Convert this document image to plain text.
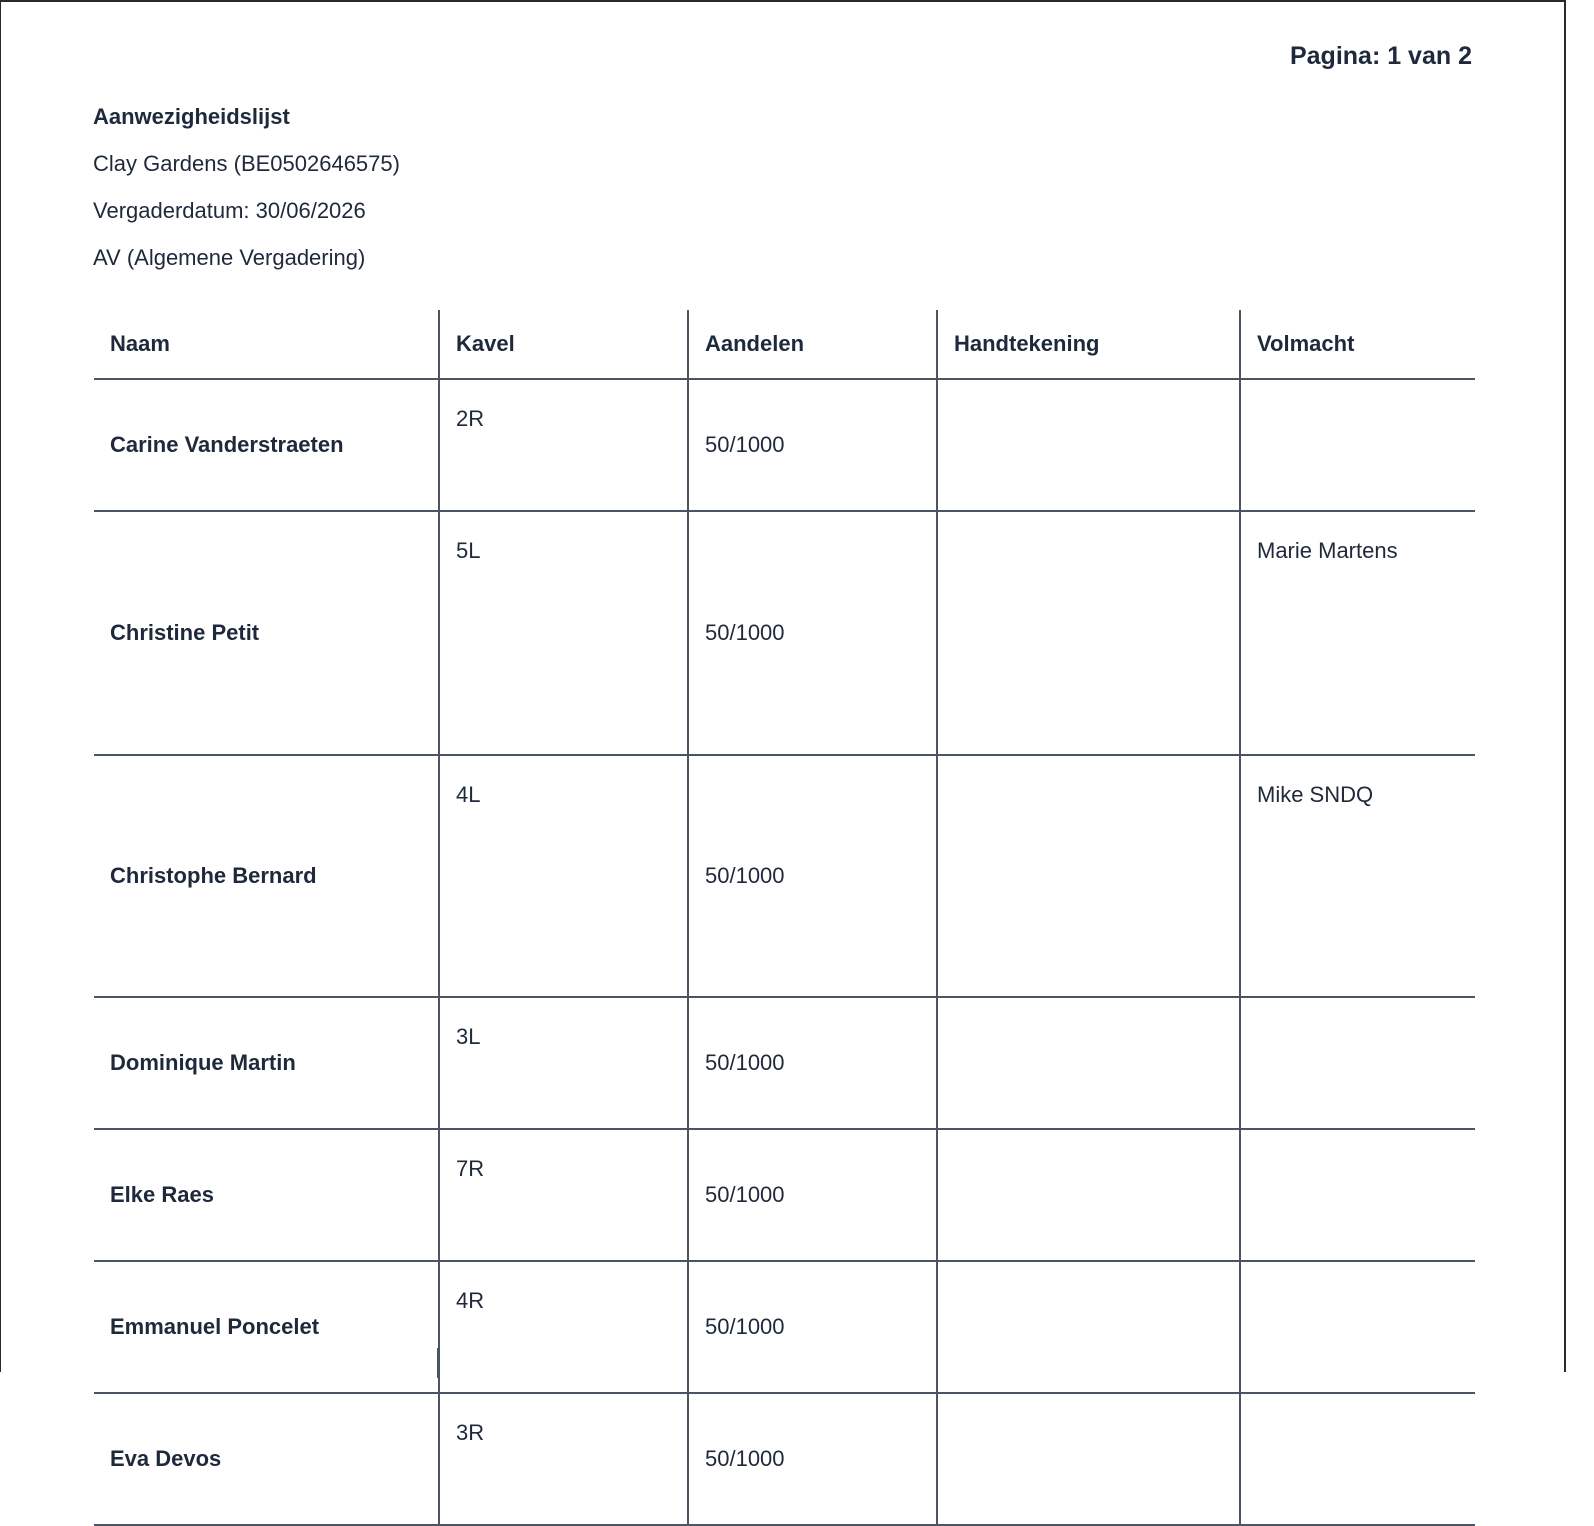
Pagina: 1 van 2
Aanwezigheidslijst
Clay Gardens (BE0502646575)
Vergaderdatum: 30/06/2026
AV (Algemene Vergadering)
Naam	Kavel	Aandelen	Handtekening	Volmacht
Carine Vanderstraeten	2R	50/1000		
Christine Petit	5L	50/1000		Marie Martens
Christophe Bernard	4L	50/1000		Mike SNDQ
Dominique Martin	3L	50/1000		
Elke Raes	7R	50/1000		
Emmanuel Poncelet	4R	50/1000		
Eva Devos	3R	50/1000		
